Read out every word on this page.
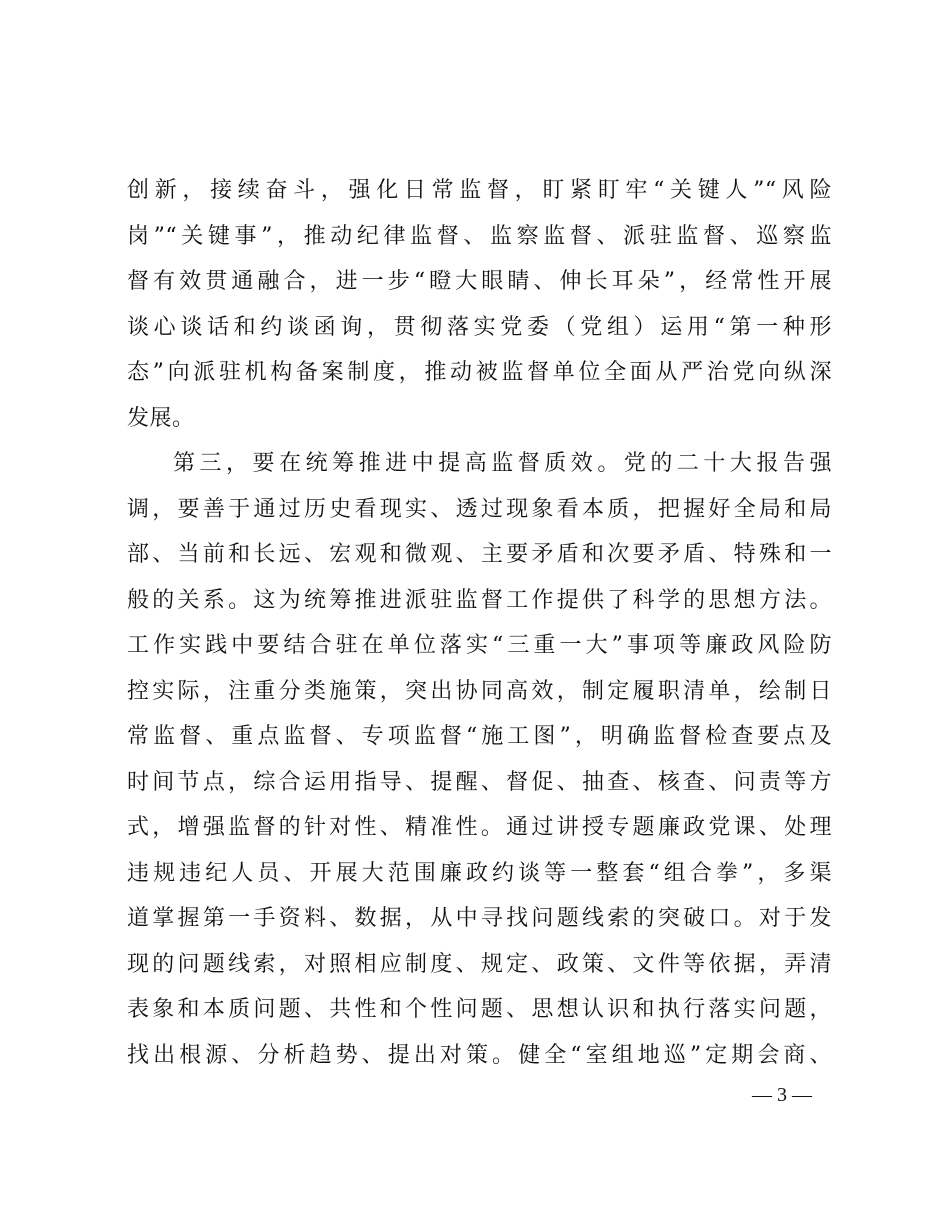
创新，接续奋斗，强化日常监督，盯紧盯牢“关键人”“风险
岗”“关键事”，推动纪律监督、监察监督、派驻监督、巡察监
督有效贯通融合，进一步“瞪大眼睛、伸长耳朵”，经常性开展
谈心谈话和约谈函询，贯彻落实党委（党组）运用“第一种形
态”向派驻机构备案制度，推动被监督单位全面从严治党向纵深
发展。
第三，要在统筹推进中提高监督质效。党的二十大报告强
调，要善于通过历史看现实、透过现象看本质，把握好全局和局
部、当前和长远、宏观和微观、主要矛盾和次要矛盾、特殊和一
般的关系。这为统筹推进派驻监督工作提供了科学的思想方法。
工作实践中要结合驻在单位落实“三重一大”事项等廉政风险防
控实际，注重分类施策，突出协同高效，制定履职清单，绘制日
常监督、重点监督、专项监督“施工图”，明确监督检查要点及
时间节点，综合运用指导、提醒、督促、抽查、核查、问责等方
式，增强监督的针对性、精准性。通过讲授专题廉政党课、处理
违规违纪人员、开展大范围廉政约谈等一整套“组合拳”，多渠
道掌握第一手资料、数据，从中寻找问题线索的突破口。对于发
现的问题线索，对照相应制度、规定、政策、文件等依据，弄清
表象和本质问题、共性和个性问题、思想认识和执行落实问题，
找出根源、分析趋势、提出对策。健全“室组地巡”定期会商、
— 3 —
